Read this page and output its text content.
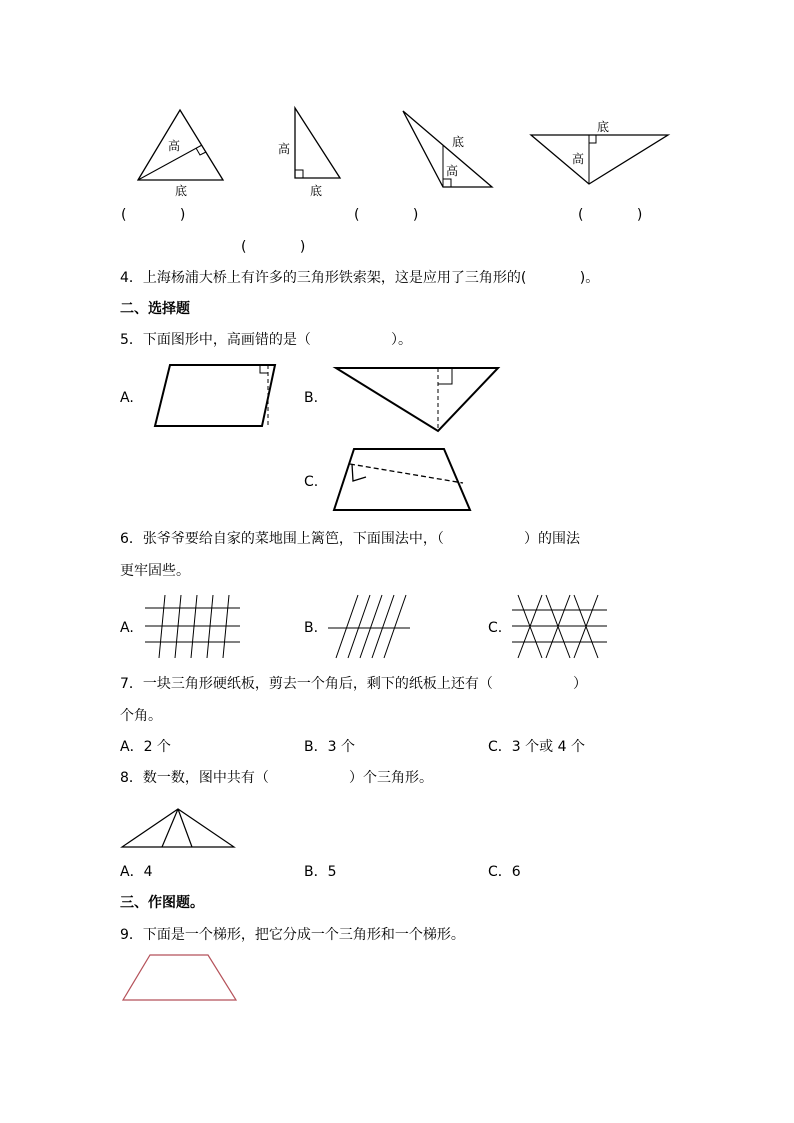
高
底
高
底
底
高
底
高
(            )	(            )	(            )
(            )
4．上海杨浦大桥上有许多的三角形铁索架，这是应用了三角形的(            )。
二、选择题
5．下面图形中，高画错的是（                  ）。
A.	B.
C.
6．张爷爷要给自家的菜地围上篱笆，下面围法中，（                  ）的围法
更牢固些。
A.	B.	C.
7．一块三角形硬纸板，剪去一个角后，剩下的纸板上还有（                  ）
个角。
A．2 个	B．3 个	C．3 个或 4 个
8．数一数，图中共有（                  ）个三角形。
A．4	B．5	C．6
三、作图题。
9．下面是一个梯形，把它分成一个三角形和一个梯形。
